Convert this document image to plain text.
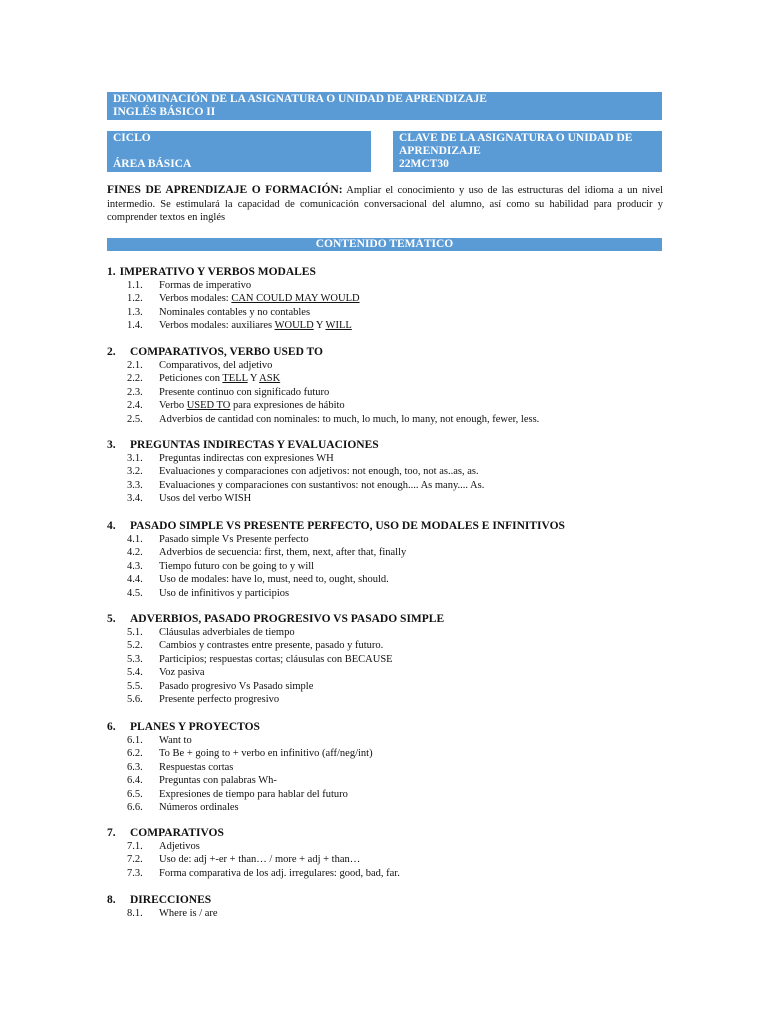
DENOMINACIÓN DE LA ASIGNATURA O UNIDAD DE APRENDIZAJE
INGLÉS BÁSICO II
CICLO
ÁREA BÁSICA
CLAVE DE LA ASIGNATURA O UNIDAD DE
APRENDIZAJE
22MCT30
FINES DE APRENDIZAJE O FORMACIÓN: Ampliar el conocimiento y uso de las estructuras del idioma a un nivel intermedio. Se estimulará la capacidad de comunicación conversacional del alumno, así como su habilidad para producir y comprender textos en inglés
CONTENIDO TEMÁTICO
1. IMPERATIVO Y VERBOS MODALES
1.1. Formas de imperativo
1.2. Verbos modales: CAN COULD MAY WOULD
1.3. Nominales contables y no contables
1.4. Verbos modales: auxiliares WOULD Y WILL
2. COMPARATIVOS, VERBO USED TO
2.1. Comparativos, del adjetivo
2.2. Peticiones con TELL Y ASK
2.3. Presente continuo con significado futuro
2.4. Verbo USED TO para expresiones de hábito
2.5. Adverbios de cantidad con nominales: to much, lo much, lo many, not enough, fewer, less.
3. PREGUNTAS INDIRECTAS Y EVALUACIONES
3.1. Preguntas indirectas con expresiones WH
3.2. Evaluaciones y comparaciones con adjetivos: not enough, too, not as..as, as.
3.3. Evaluaciones y comparaciones con sustantivos: not enough.... As many.... As.
3.4. Usos del verbo WISH
4. PASADO SIMPLE VS PRESENTE PERFECTO, USO DE MODALES E INFINITIVOS
4.1. Pasado simple Vs Presente perfecto
4.2. Adverbios de secuencia: first, them, next, after that, finally
4.3. Tiempo futuro con be going to y will
4.4. Uso de modales: have lo, must, need to, ought, should.
4.5. Uso de infinitivos y participios
5. ADVERBIOS, PASADO PROGRESIVO VS PASADO SIMPLE
5.1. Cláusulas adverbiales de tiempo
5.2. Cambios y contrastes entre presente, pasado y futuro.
5.3. Participios; respuestas cortas; cláusulas con BECAUSE
5.4. Voz pasiva
5.5. Pasado progresivo Vs Pasado simple
5.6. Presente perfecto progresivo
6. PLANES Y PROYECTOS
6.1. Want to
6.2. To Be + going to + verbo en infinitivo (aff/neg/int)
6.3. Respuestas cortas
6.4. Preguntas con palabras Wh-
6.5. Expresiones de tiempo para hablar del futuro
6.6. Números ordinales
7. COMPARATIVOS
7.1. Adjetivos
7.2. Uso de: adj +-er + than… / more + adj + than…
7.3. Forma comparativa de los adj. irregulares: good, bad, far.
8. DIRECCIONES
8.1. Where is / are
